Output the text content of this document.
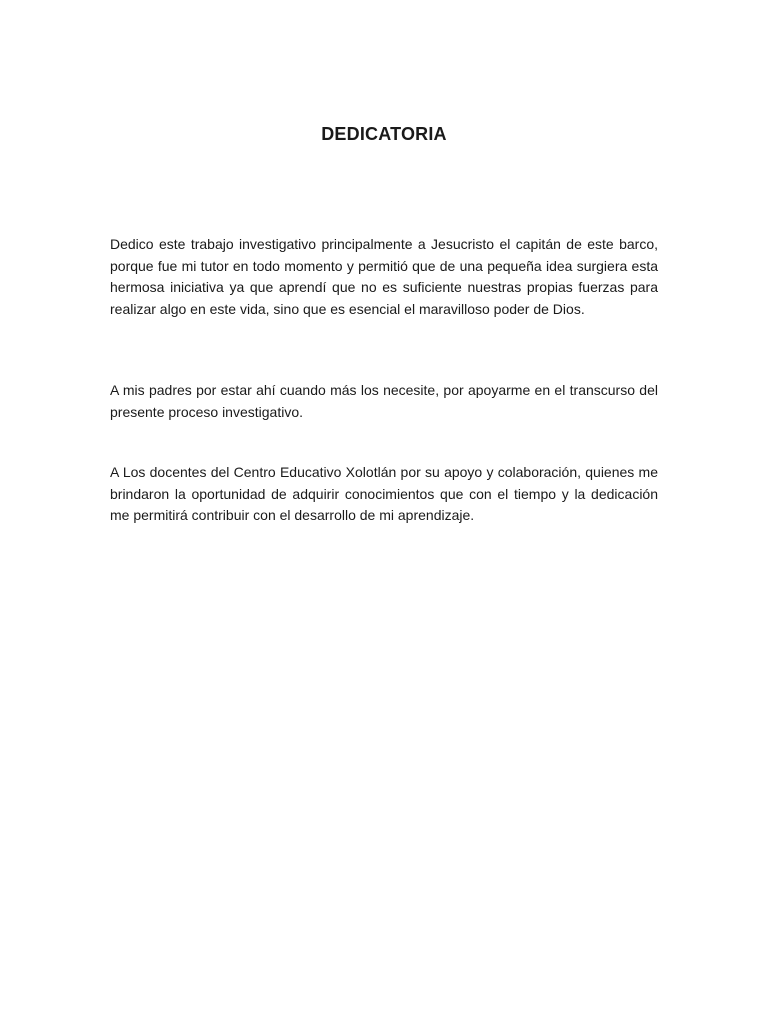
DEDICATORIA

Dedico este trabajo investigativo principalmente a Jesucristo el capitán de este barco, porque fue mi tutor en todo momento y permitió que de una pequeña idea surgiera esta hermosa iniciativa ya que aprendí que no es suficiente nuestras propias fuerzas para realizar algo en este vida, sino que es esencial el maravilloso poder de Dios.

A mis padres por estar ahí cuando más los necesite, por apoyarme en el transcurso del presente proceso investigativo.

A Los docentes del Centro Educativo Xolotlán por su apoyo y colaboración, quienes me brindaron la oportunidad de adquirir conocimientos que con el tiempo y la dedicación me permitirá contribuir con el desarrollo de mi aprendizaje.
